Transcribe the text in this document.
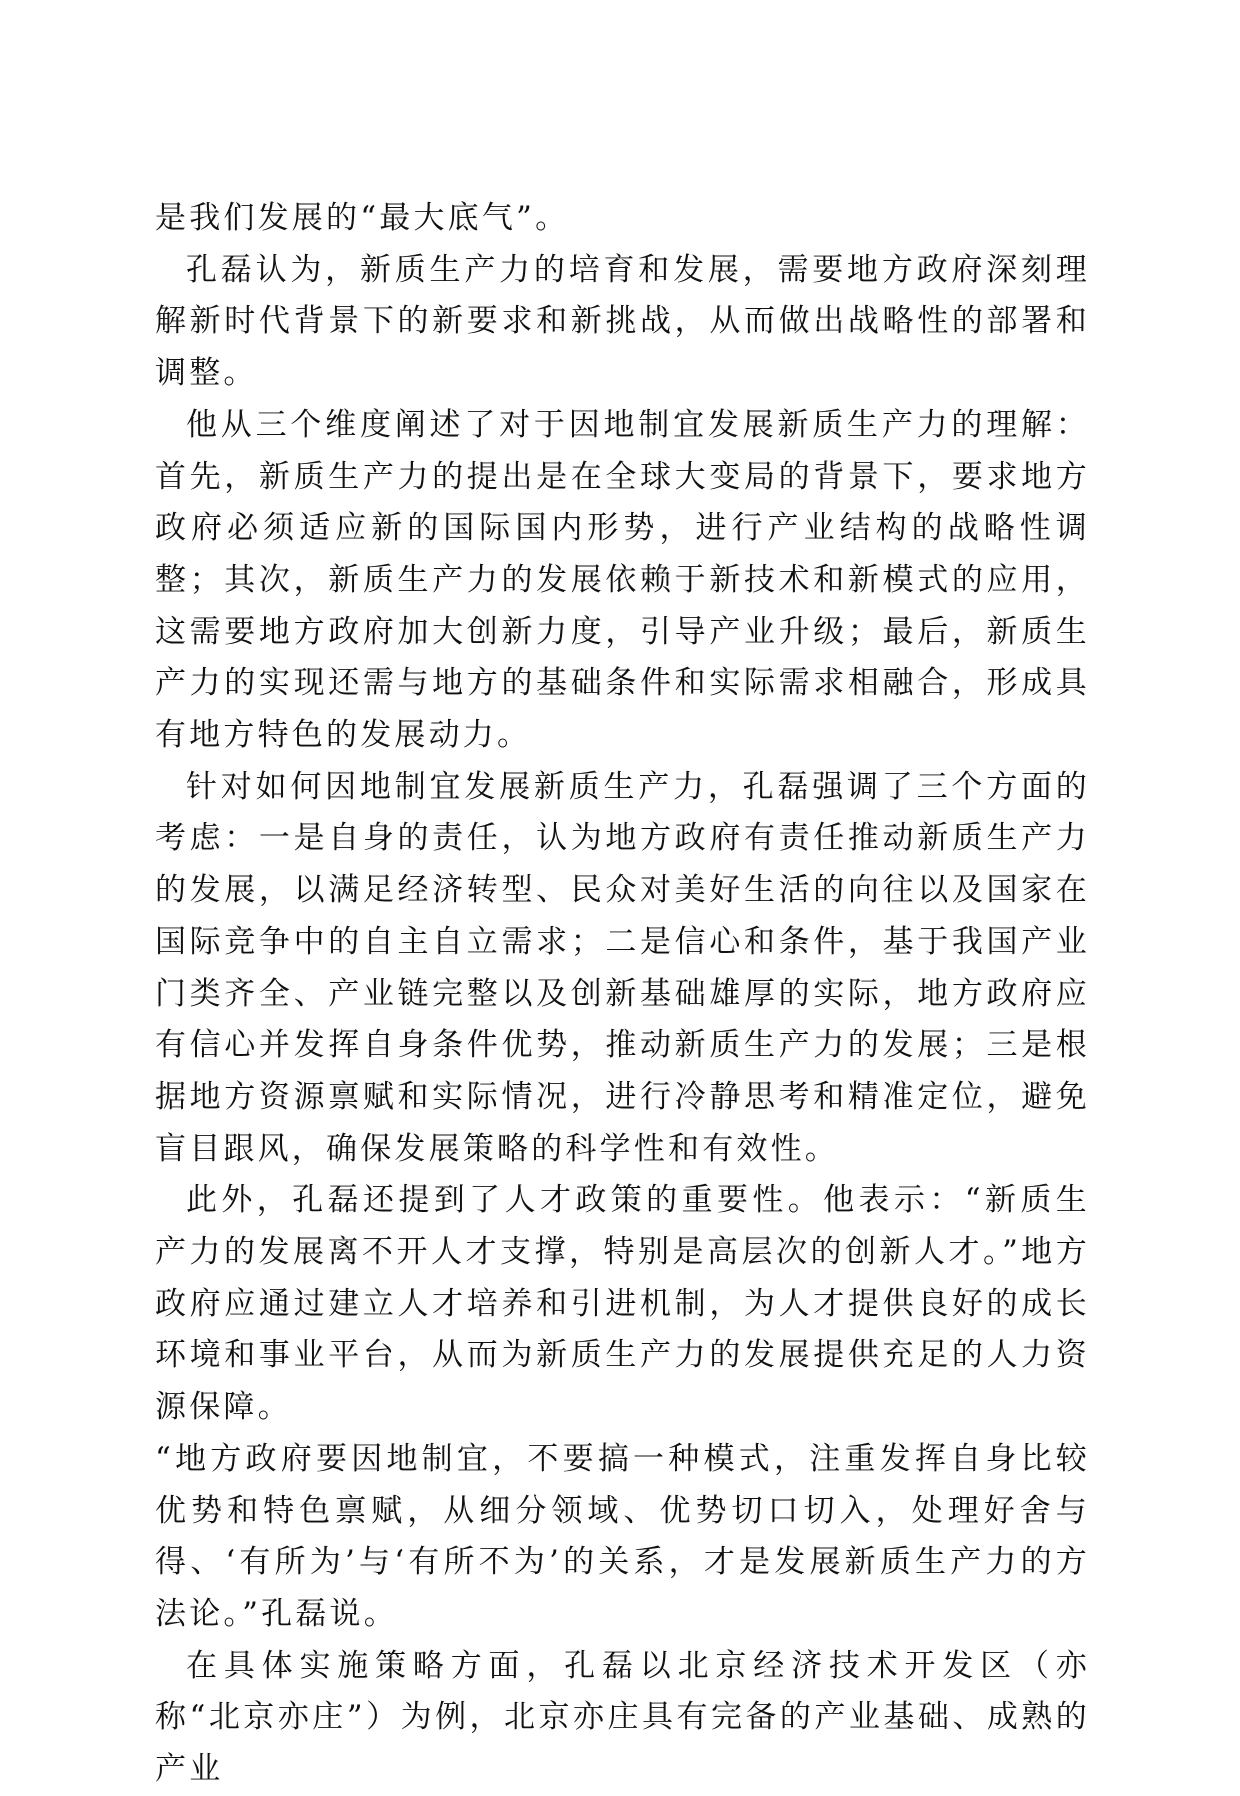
是我们发展的“最大底气”。

孔磊认为，新质生产力的培育和发展，需要地方政府深刻理解新时代背景下的新要求和新挑战，从而做出战略性的部署和调整。

他从三个维度阐述了对于因地制宜发展新质生产力的理解：首先，新质生产力的提出是在全球大变局的背景下，要求地方政府必须适应新的国际国内形势，进行产业结构的战略性调整；其次，新质生产力的发展依赖于新技术和新模式的应用，这需要地方政府加大创新力度，引导产业升级；最后，新质生产力的实现还需与地方的基础条件和实际需求相融合，形成具有地方特色的发展动力。

针对如何因地制宜发展新质生产力，孔磊强调了三个方面的考虑：一是自身的责任，认为地方政府有责任推动新质生产力的发展，以满足经济转型、民众对美好生活的向往以及国家在国际竞争中的自主自立需求；二是信心和条件，基于我国产业门类齐全、产业链完整以及创新基础雄厚的实际，地方政府应有信心并发挥自身条件优势，推动新质生产力的发展；三是根据地方资源禀赋和实际情况，进行冷静思考和精准定位，避免盲目跟风，确保发展策略的科学性和有效性。

此外，孔磊还提到了人才政策的重要性。他表示：“新质生产力的发展离不开人才支撑，特别是高层次的创新人才。”地方政府应通过建立人才培养和引进机制，为人才提供良好的成长环境和事业平台，从而为新质生产力的发展提供充足的人力资源保障。

“地方政府要因地制宜，不要搞一种模式，注重发挥自身比较优势和特色禀赋，从细分领域、优势切口切入，处理好舍与得、‘有所为’与‘有所不为’的关系，才是发展新质生产力的方法论。”孔磊说。

在具体实施策略方面，孔磊以北京经济技术开发区（亦称“北京亦庄”）为例，北京亦庄具有完备的产业基础、成熟的产业
